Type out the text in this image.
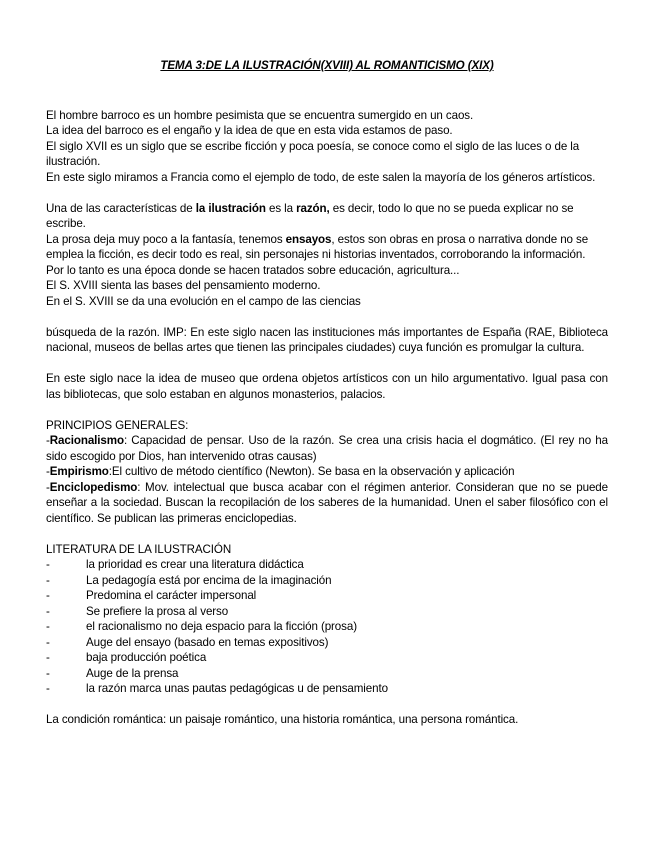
TEMA 3:DE LA ILUSTRACIÓN(XVIII) AL ROMANTICISMO (XIX)

El hombre barroco es un hombre pesimista que se encuentra sumergido en un caos.

La idea del barroco es el engaño y la idea de que en esta vida estamos de paso.

El siglo XVII es un siglo que se escribe ficción y poca poesía, se conoce como el siglo de las luces o de la ilustración.

En este siglo miramos a Francia como el ejemplo de todo, de este salen la mayoría de los géneros artísticos.

Una de las características de la ilustración es la razón, es decir, todo lo que no se pueda explicar no se escribe.

La prosa deja muy poco a la fantasía, tenemos ensayos, estos son obras en prosa o narrativa donde no se emplea la ficción, es decir todo es real, sin personajes ni historias inventados, corroborando la información.

Por lo tanto es una época donde se hacen tratados sobre educación, agricultura...

El S. XVIII sienta las bases del pensamiento moderno.

En el S. XVIII se da una evolución en el campo de las ciencias

búsqueda de la razón. IMP: En este siglo nacen las instituciones más importantes de España (RAE, Biblioteca nacional, museos de bellas artes que tienen las principales ciudades) cuya función es promulgar la cultura.

En este siglo nace la idea de museo que ordena objetos artísticos con un hilo argumentativo. Igual pasa con las bibliotecas, que solo estaban en algunos monasterios, palacios.

PRINCIPIOS GENERALES:

-Racionalismo: Capacidad de pensar. Uso de la razón. Se crea una crisis hacia el dogmático. (El rey no ha sido escogido por Dios, han intervenido otras causas)

-Empirismo:El cultivo de método científico (Newton). Se basa en la observación y aplicación

-Enciclopedismo: Mov. intelectual que busca acabar con el régimen anterior. Consideran que no se puede enseñar a la sociedad. Buscan la recopilación de los saberes de la humanidad. Unen el saber filosófico con el científico. Se publican las primeras enciclopedias.

LITERATURA DE LA ILUSTRACIÓN

-	la prioridad es crear una literatura didáctica
-	La pedagogía está por encima de la imaginación
-	Predomina el carácter impersonal
-	Se prefiere la prosa al verso
-	el racionalismo no deja espacio para la ficción (prosa)
-	Auge del ensayo (basado en temas expositivos)
-	baja producción poética
-	Auge de la prensa
-	la razón marca unas pautas pedagógicas u de pensamiento

La condición romántica: un paisaje romántico, una historia romántica, una persona romántica.
